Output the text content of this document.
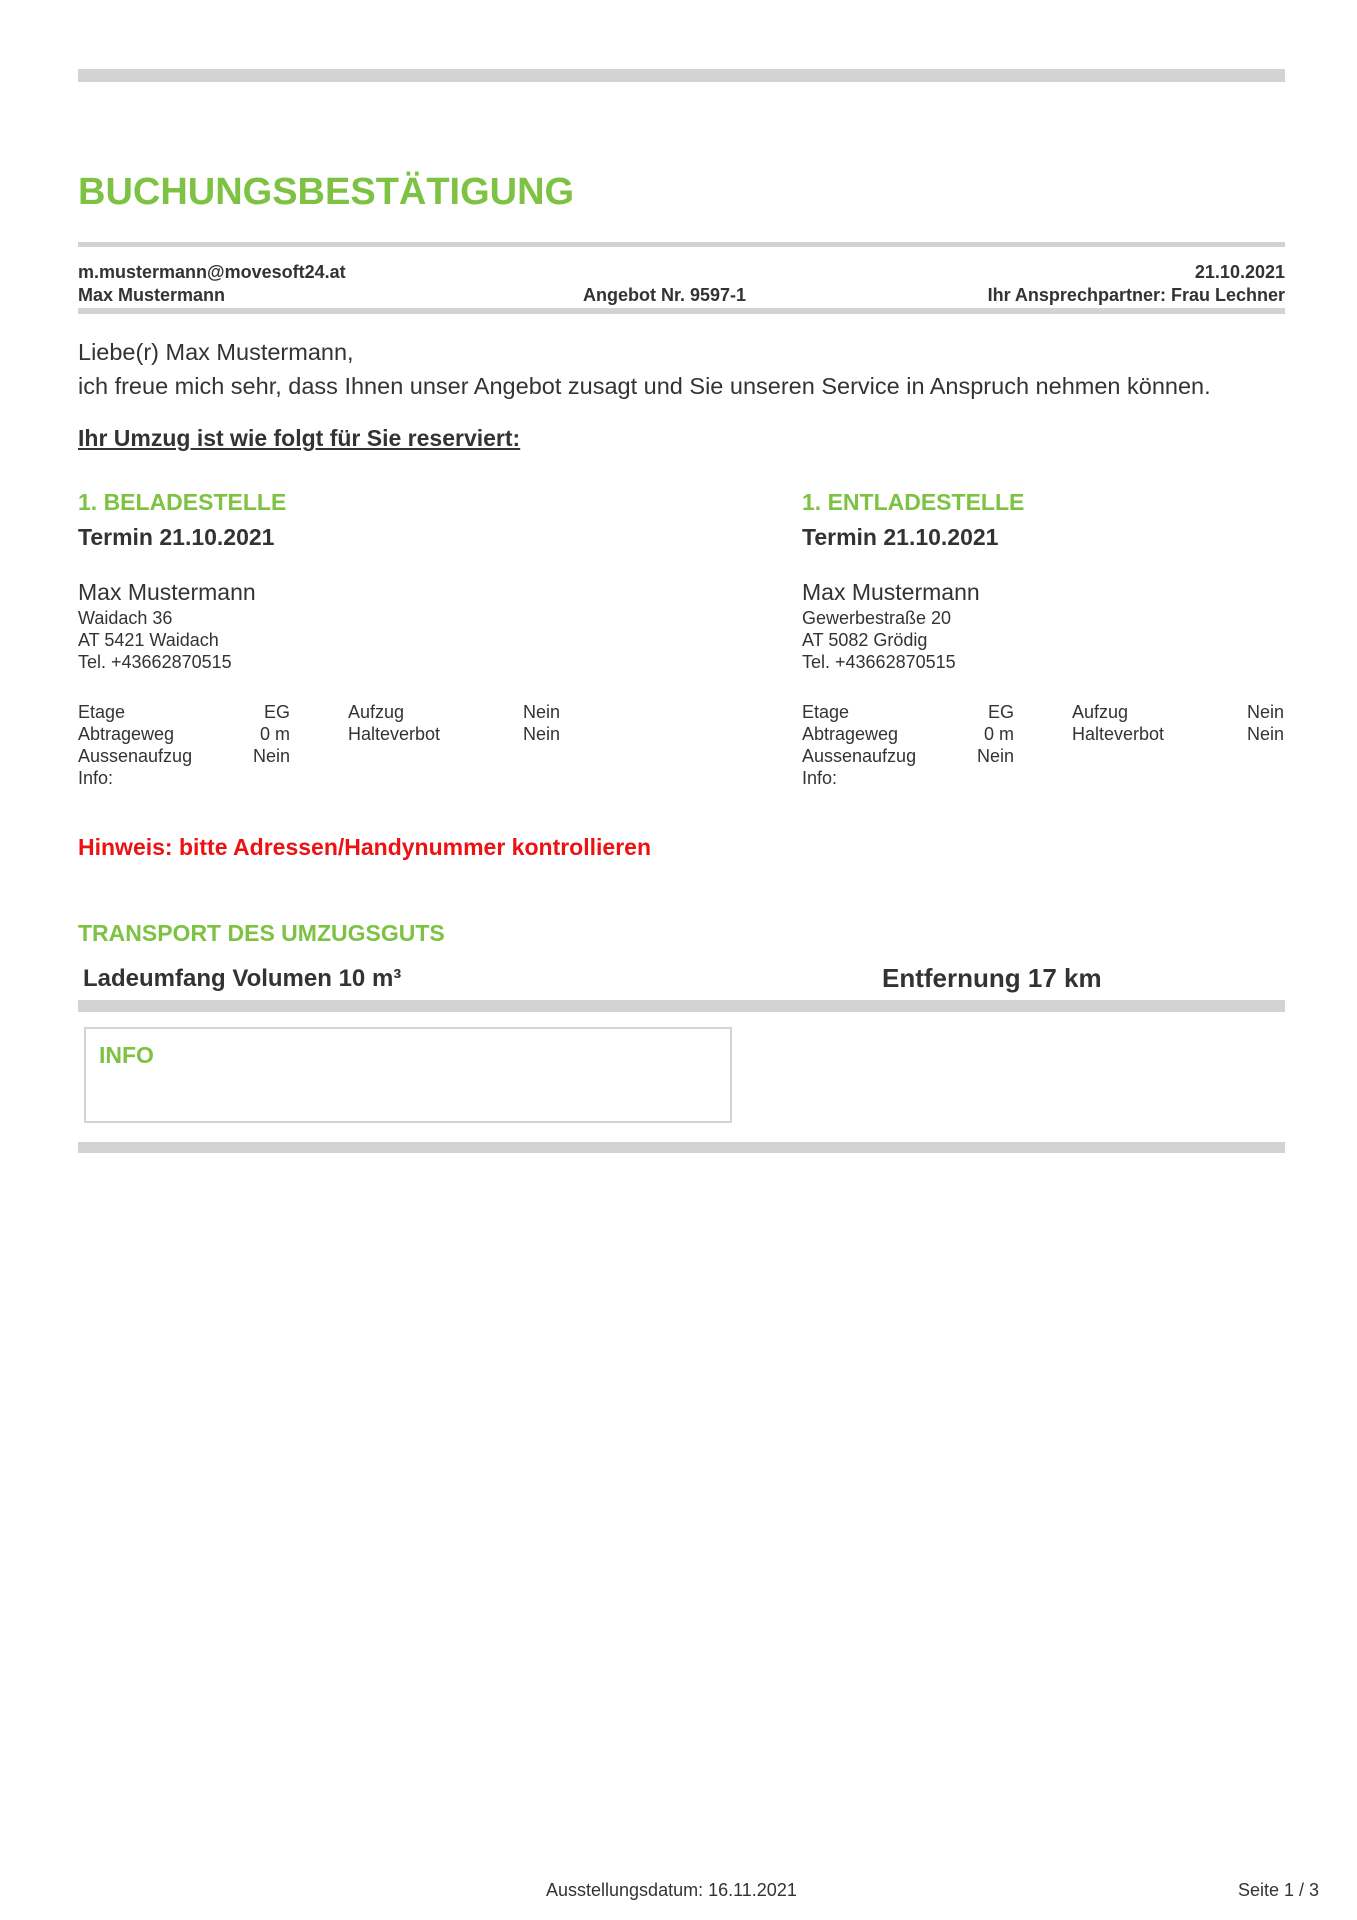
BUCHUNGSBESTÄTIGUNG
m.mustermann@movesoft24.at	21.10.2021
Max Mustermann	Angebot Nr. 9597-1	Ihr Ansprechpartner: Frau Lechner
Liebe(r) Max Mustermann,
ich freue mich sehr, dass Ihnen unser Angebot zusagt und Sie unseren Service in Anspruch nehmen können.
Ihr Umzug ist wie folgt für Sie reserviert:
1. BELADESTELLE
Termin 21.10.2021
Max Mustermann
Waidach 36
AT 5421 Waidach
Tel. +43662870515
Etage	EG	Aufzug	Nein
Abtrageweg	0 m	Halteverbot	Nein
Aussenaufzug	Nein
Info:
1. ENTLADESTELLE
Termin 21.10.2021
Max Mustermann
Gewerbestraße 20
AT 5082 Grödig
Tel. +43662870515
Etage	EG	Aufzug	Nein
Abtrageweg	0 m	Halteverbot	Nein
Aussenaufzug	Nein
Info:
Hinweis: bitte Adressen/Handynummer kontrollieren
TRANSPORT DES UMZUGSGUTS
Ladeumfang Volumen 10 m³	Entfernung 17 km
INFO
Ausstellungsdatum: 16.11.2021	Seite 1 / 3
